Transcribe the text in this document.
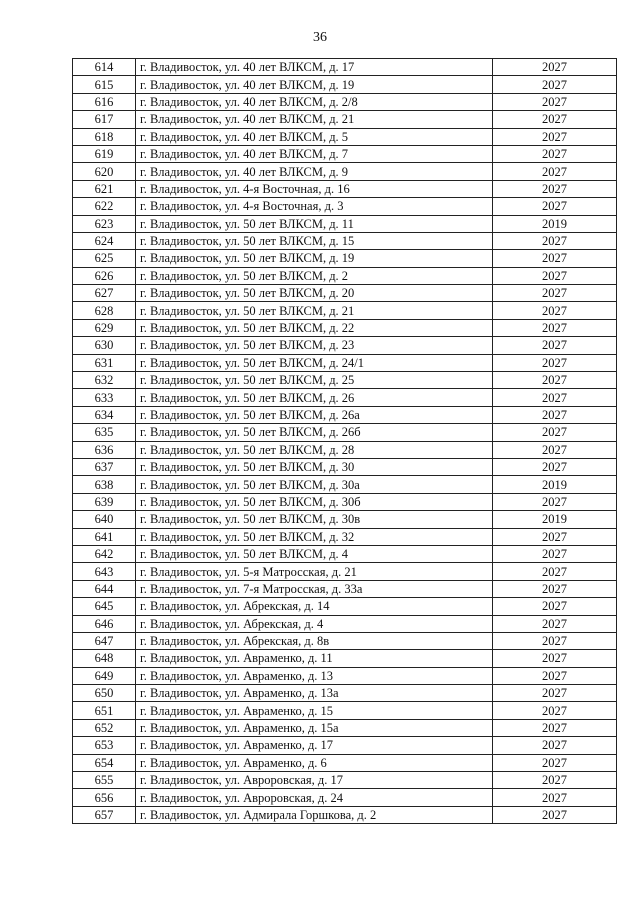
36
614	г. Владивосток, ул. 40 лет ВЛКСМ, д. 17	2027
615	г. Владивосток, ул. 40 лет ВЛКСМ, д. 19	2027
616	г. Владивосток, ул. 40 лет ВЛКСМ, д. 2/8	2027
617	г. Владивосток, ул. 40 лет ВЛКСМ, д. 21	2027
618	г. Владивосток, ул. 40 лет ВЛКСМ, д. 5	2027
619	г. Владивосток, ул. 40 лет ВЛКСМ, д. 7	2027
620	г. Владивосток, ул. 40 лет ВЛКСМ, д. 9	2027
621	г. Владивосток, ул. 4-я Восточная, д. 16	2027
622	г. Владивосток, ул. 4-я Восточная, д. 3	2027
623	г. Владивосток, ул. 50 лет ВЛКСМ, д. 11	2019
624	г. Владивосток, ул. 50 лет ВЛКСМ, д. 15	2027
625	г. Владивосток, ул. 50 лет ВЛКСМ, д. 19	2027
626	г. Владивосток, ул. 50 лет ВЛКСМ, д. 2	2027
627	г. Владивосток, ул. 50 лет ВЛКСМ, д. 20	2027
628	г. Владивосток, ул. 50 лет ВЛКСМ, д. 21	2027
629	г. Владивосток, ул. 50 лет ВЛКСМ, д. 22	2027
630	г. Владивосток, ул. 50 лет ВЛКСМ, д. 23	2027
631	г. Владивосток, ул. 50 лет ВЛКСМ, д. 24/1	2027
632	г. Владивосток, ул. 50 лет ВЛКСМ, д. 25	2027
633	г. Владивосток, ул. 50 лет ВЛКСМ, д. 26	2027
634	г. Владивосток, ул. 50 лет ВЛКСМ, д. 26а	2027
635	г. Владивосток, ул. 50 лет ВЛКСМ, д. 26б	2027
636	г. Владивосток, ул. 50 лет ВЛКСМ, д. 28	2027
637	г. Владивосток, ул. 50 лет ВЛКСМ, д. 30	2027
638	г. Владивосток, ул. 50 лет ВЛКСМ, д. 30а	2019
639	г. Владивосток, ул. 50 лет ВЛКСМ, д. 30б	2027
640	г. Владивосток, ул. 50 лет ВЛКСМ, д. 30в	2019
641	г. Владивосток, ул. 50 лет ВЛКСМ, д. 32	2027
642	г. Владивосток, ул. 50 лет ВЛКСМ, д. 4	2027
643	г. Владивосток, ул. 5-я Матросская, д. 21	2027
644	г. Владивосток, ул. 7-я Матросская, д. 33а	2027
645	г. Владивосток, ул. Абрекская, д. 14	2027
646	г. Владивосток, ул. Абрекская, д. 4	2027
647	г. Владивосток, ул. Абрекская, д. 8в	2027
648	г. Владивосток, ул. Авраменко, д. 11	2027
649	г. Владивосток, ул. Авраменко, д. 13	2027
650	г. Владивосток, ул. Авраменко, д. 13а	2027
651	г. Владивосток, ул. Авраменко, д. 15	2027
652	г. Владивосток, ул. Авраменко, д. 15а	2027
653	г. Владивосток, ул. Авраменко, д. 17	2027
654	г. Владивосток, ул. Авраменко, д. 6	2027
655	г. Владивосток, ул. Авроровская, д. 17	2027
656	г. Владивосток, ул. Авроровская, д. 24	2027
657	г. Владивосток, ул. Адмирала Горшкова, д. 2	2027
